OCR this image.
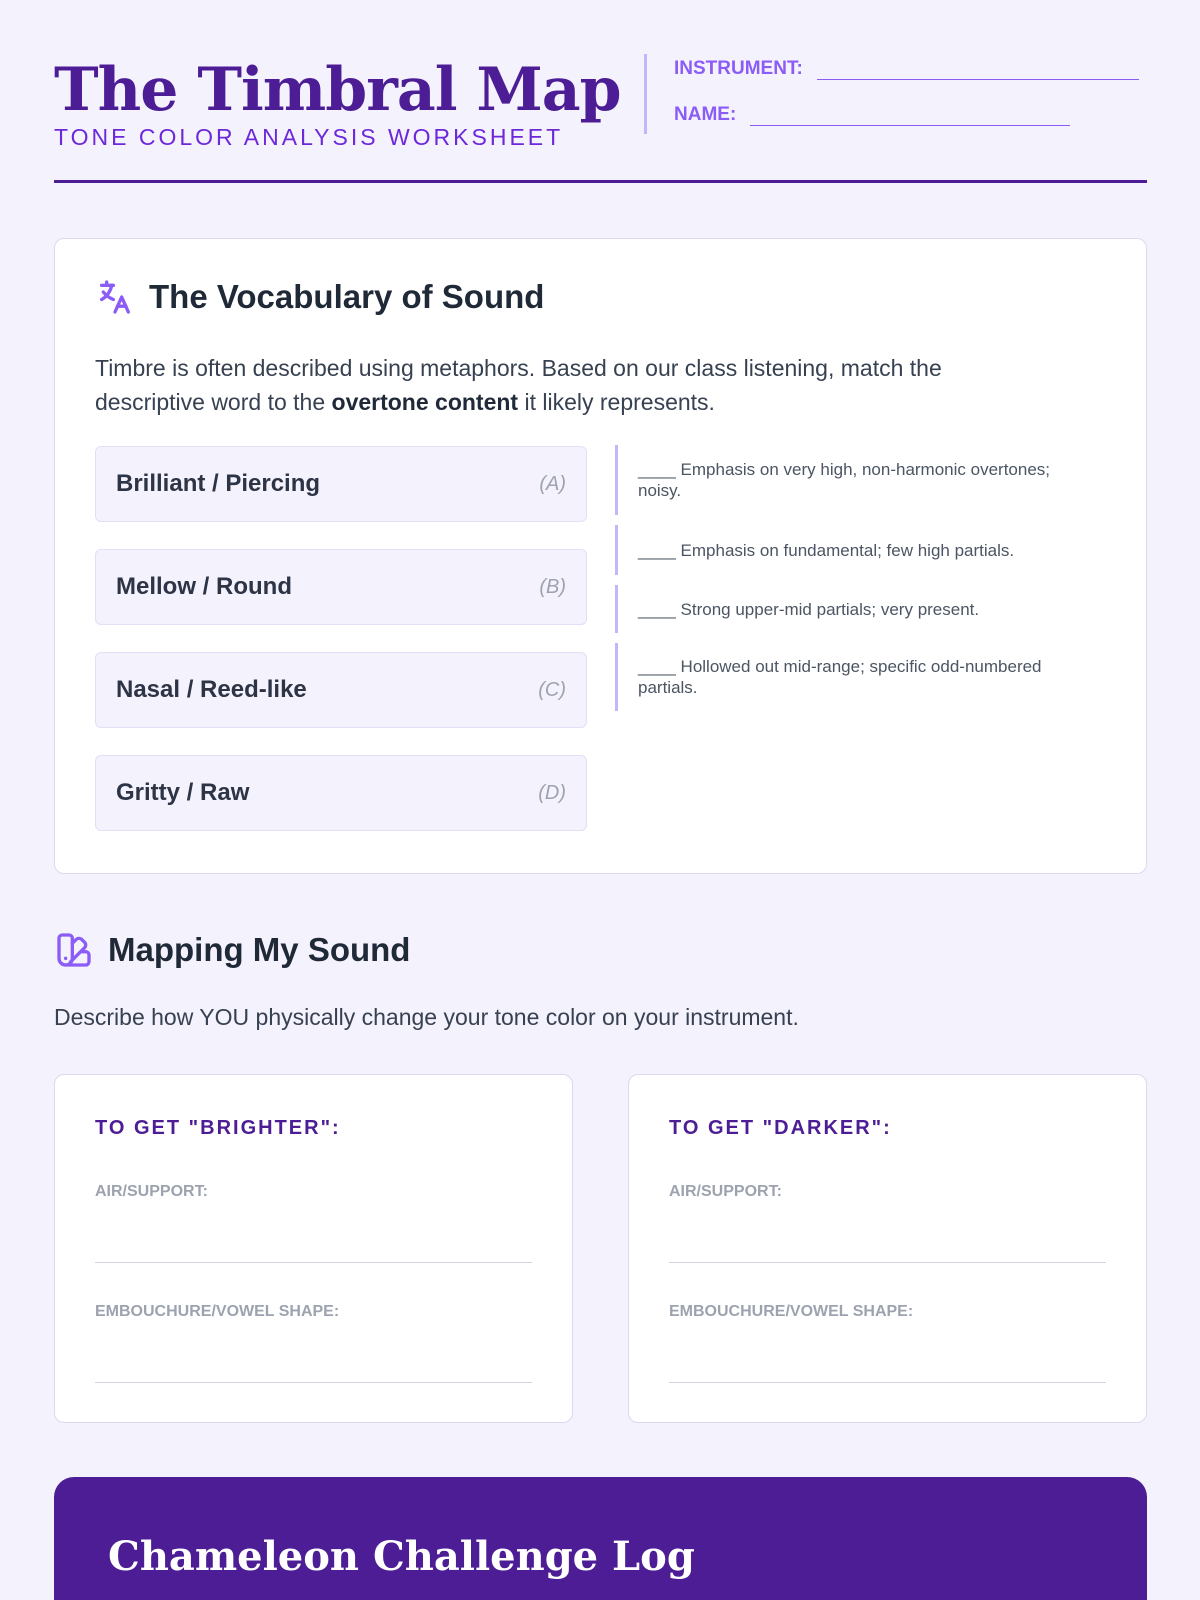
The Timbral Map
TONE COLOR ANALYSIS WORKSHEET
INSTRUMENT:
NAME:
The Vocabulary of Sound

Timbre is often described using metaphors. Based on our class listening, match the descriptive word to the overtone content it likely represents.

Brilliant / Piercing	(A)
Mellow / Round	(B)
Nasal / Reed-like	(C)
Gritty / Raw	(D)
____ Emphasis on very high, non-harmonic overtones; noisy.
____ Emphasis on fundamental; few high partials.
____ Strong upper-mid partials; very present.
____ Hollowed out mid-range; specific odd-numbered partials.
Mapping My Sound

Describe how YOU physically change your tone color on your instrument.

TO GET "BRIGHTER":
AIR/SUPPORT:
EMBOUCHURE/VOWEL SHAPE:
TO GET "DARKER":
AIR/SUPPORT:
EMBOUCHURE/VOWEL SHAPE:
Chameleon Challenge Log
